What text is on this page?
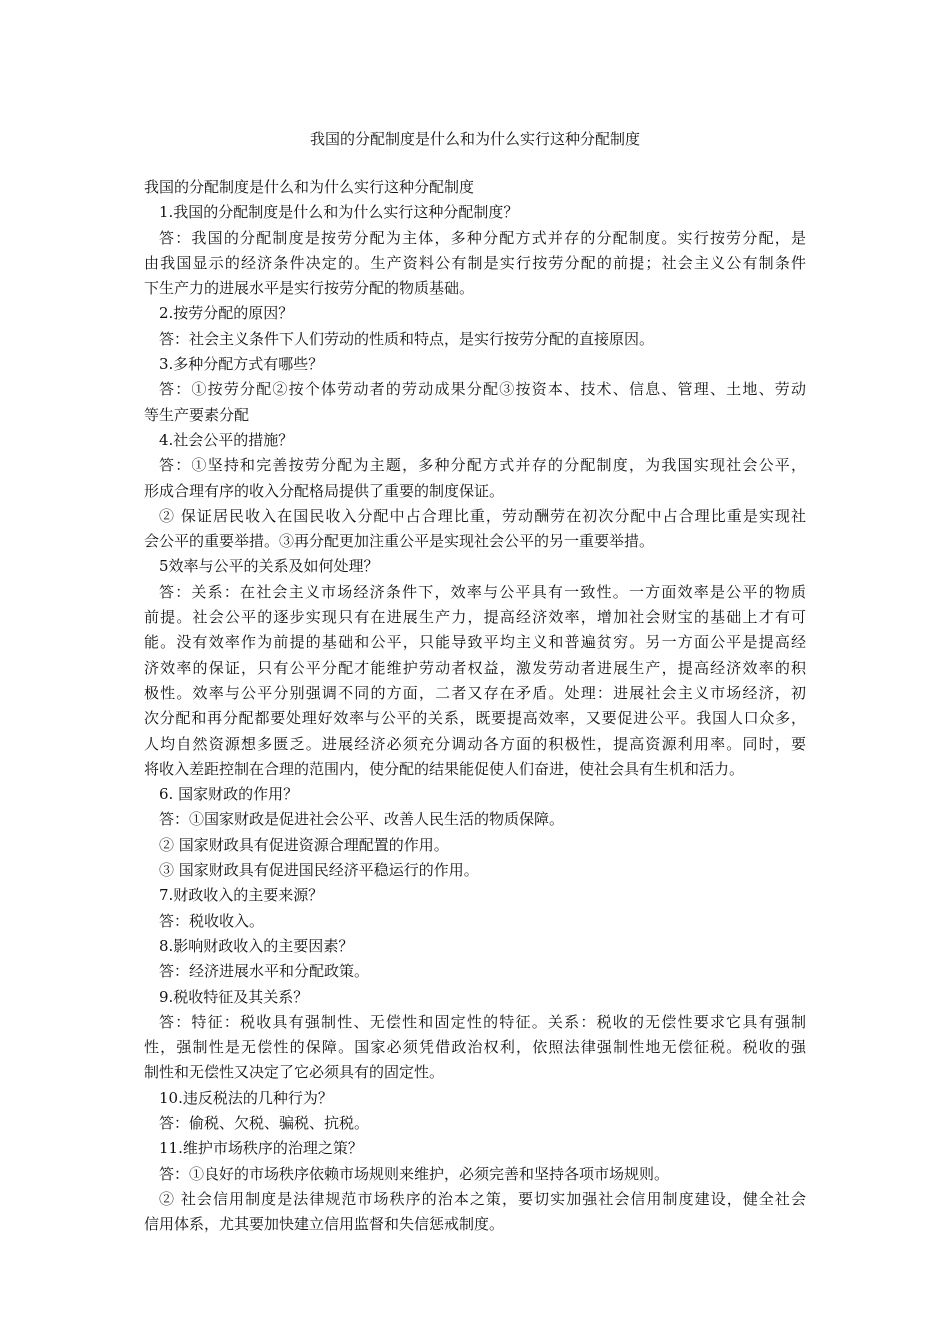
我国的分配制度是什么和为什么实行这种分配制度
我国的分配制度是什么和为什么实行这种分配制度
1.我国的分配制度是什么和为什么实行这种分配制度？
答：我国的分配制度是按劳分配为主体，多种分配方式并存的分配制度。实行按劳分配，是
由我国显示的经济条件决定的。生产资料公有制是实行按劳分配的前提；社会主义公有制条件
下生产力的进展水平是实行按劳分配的物质基础。
2.按劳分配的原因？
答：社会主义条件下人们劳动的性质和特点，是实行按劳分配的直接原因。
3.多种分配方式有哪些？
答：①按劳分配②按个体劳动者的劳动成果分配③按资本、技术、信息、管理、土地、劳动
等生产要素分配
4.社会公平的措施？
答：①坚持和完善按劳分配为主题，多种分配方式并存的分配制度，为我国实现社会公平，
形成合理有序的收入分配格局提供了重要的制度保证。
② 保证居民收入在国民收入分配中占合理比重，劳动酬劳在初次分配中占合理比重是实现社
会公平的重要举措。③再分配更加注重公平是实现社会公平的另一重要举措。
5效率与公平的关系及如何处理？
答：关系：在社会主义市场经济条件下，效率与公平具有一致性。一方面效率是公平的物质
前提。社会公平的逐步实现只有在进展生产力，提高经济效率，增加社会财宝的基础上才有可
能。没有效率作为前提的基础和公平，只能导致平均主义和普遍贫穷。另一方面公平是提高经
济效率的保证，只有公平分配才能维护劳动者权益，激发劳动者进展生产，提高经济效率的积
极性。效率与公平分别强调不同的方面，二者又存在矛盾。处理：进展社会主义市场经济，初
次分配和再分配都要处理好效率与公平的关系，既要提高效率，又要促进公平。我国人口众多，
人均自然资源想多匮乏。进展经济必须充分调动各方面的积极性，提高资源利用率。同时，要
将收入差距控制在合理的范围内，使分配的结果能促使人们奋进，使社会具有生机和活力。
6. 国家财政的作用？
答：①国家财政是促进社会公平、改善人民生活的物质保障。
② 国家财政具有促进资源合理配置的作用。
③ 国家财政具有促进国民经济平稳运行的作用。
7.财政收入的主要来源？
答：税收收入。
8.影响财政收入的主要因素？
答：经济进展水平和分配政策。
9.税收特征及其关系？
答：特征：税收具有强制性、无偿性和固定性的特征。关系：税收的无偿性要求它具有强制
性，强制性是无偿性的保障。国家必须凭借政治权利，依照法律强制性地无偿征税。税收的强
制性和无偿性又决定了它必须具有的固定性。
10.违反税法的几种行为？
答：偷税、欠税、骗税、抗税。
11.维护市场秩序的治理之策？
答：①良好的市场秩序依赖市场规则来维护，必须完善和坚持各项市场规则。
② 社会信用制度是法律规范市场秩序的治本之策，要切实加强社会信用制度建设，健全社会
信用体系，尤其要加快建立信用监督和失信惩戒制度。
